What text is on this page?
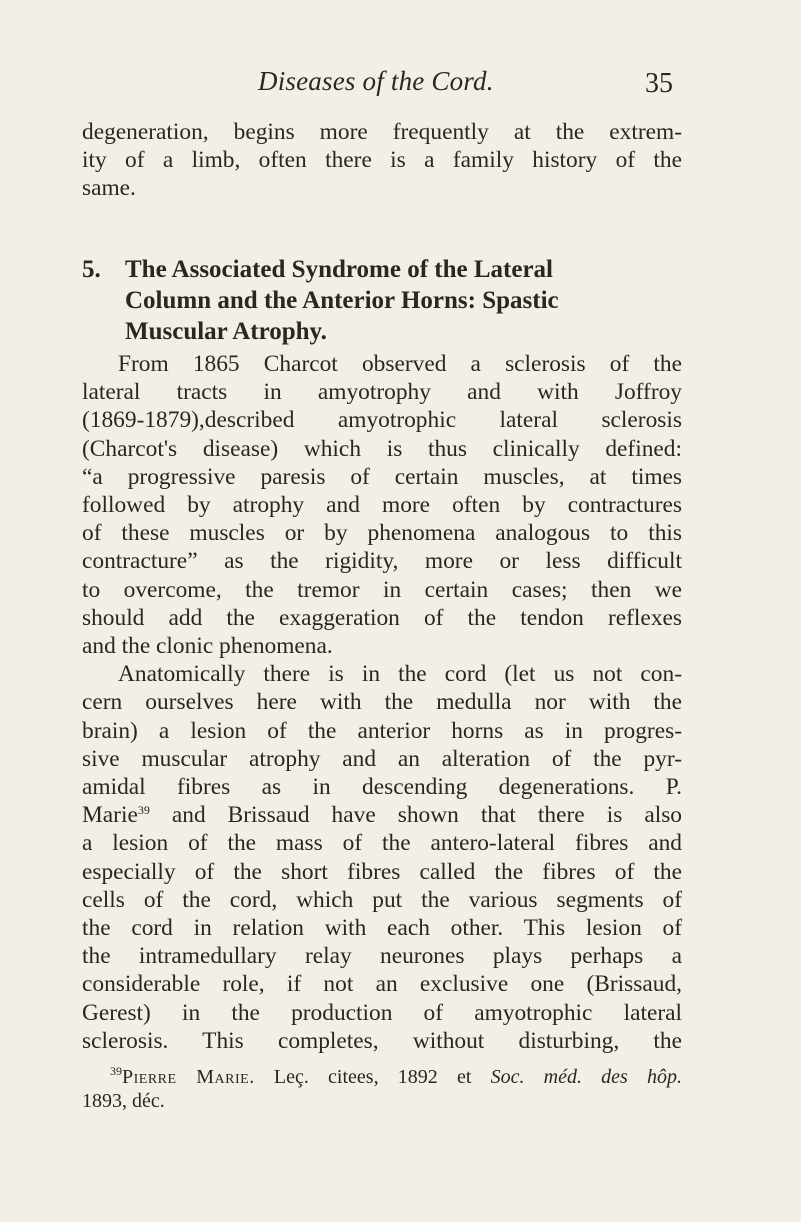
Diseases of the Cord.	35
degeneration, begins more frequently at the extrem-
ity of a limb, often there is a family history of the
same.
5. The Associated Syndrome of the Lateral
Column and the Anterior Horns: Spastic
Muscular Atrophy.
From 1865 Charcot observed a sclerosis of the
lateral tracts in amyotrophy and with Joffroy
(1869-1879),described amyotrophic lateral sclerosis
(Charcot's disease) which is thus clinically defined:
“a progressive paresis of certain muscles, at times
followed by atrophy and more often by contractures
of these muscles or by phenomena analogous to this
contracture” as the rigidity, more or less difficult
to overcome, the tremor in certain cases; then we
should add the exaggeration of the tendon reflexes
and the clonic phenomena.
Anatomically there is in the cord (let us not con-
cern ourselves here with the medulla nor with the
brain) a lesion of the anterior horns as in progres-
sive muscular atrophy and an alteration of the pyr-
amidal fibres as in descending degenerations. P.
Marie$^{39}$ and Brissaud have shown that there is also
a lesion of the mass of the antero-lateral fibres and
especially of the short fibres called the fibres of the
cells of the cord, which put the various segments of
the cord in relation with each other. This lesion of
the intramedullary relay neurones plays perhaps a
considerable role, if not an exclusive one (Brissaud,
Gerest) in the production of amyotrophic lateral
sclerosis. This completes, without disturbing, the
$^{39}$Pierre Marie. Leç. citees, 1892 et Soc. méd. des hôp.
1893, déc.
